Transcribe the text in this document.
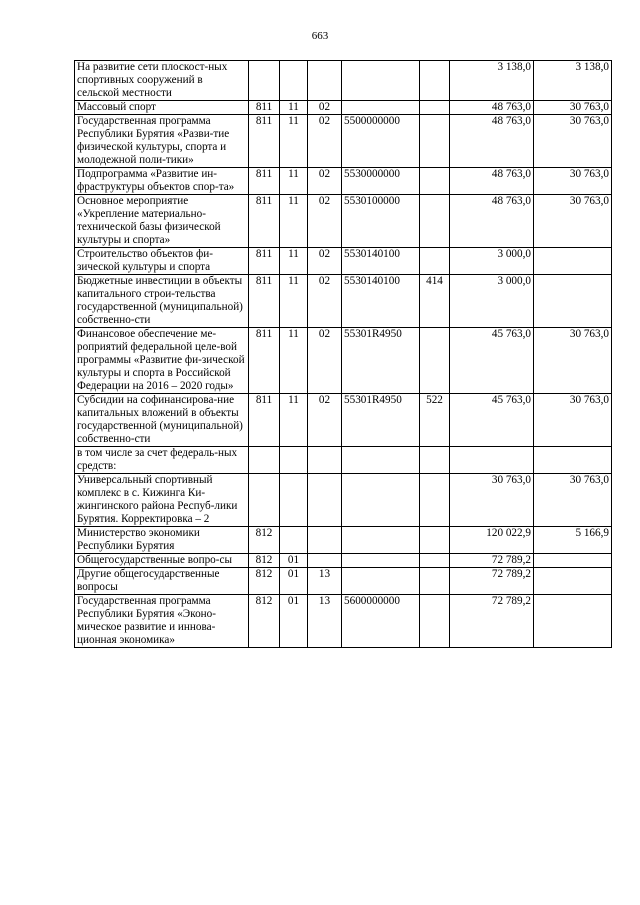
663
На развитие сети плоскост-ных спортивных сооружений в сельской местности						3 138,0	3 138,0
Массовый спорт	811	11	02			48 763,0	30 763,0
Государственная программа Республики Бурятия «Разви-тие физической культуры, спорта и молодежной поли-тики»	811	11	02	5500000000		48 763,0	30 763,0
Подпрограмма «Развитие ин-фраструктуры объектов спор-та»	811	11	02	5530000000		48 763,0	30 763,0
Основное мероприятие «Укрепление материально-технической базы физической культуры и спорта»	811	11	02	5530100000		48 763,0	30 763,0
Строительство объектов фи-зической культуры и спорта	811	11	02	5530140100		3 000,0	
Бюджетные инвестиции в объекты капитального строи-тельства государственной (муниципальной) собственно-сти	811	11	02	5530140100	414	3 000,0	
Финансовое обеспечение ме-роприятий федеральной целе-вой программы «Развитие фи-зической культуры и спорта в Российской Федерации на 2016 – 2020 годы»	811	11	02	55301R4950		45 763,0	30 763,0
Субсидии на софинансирова-ние капитальных вложений в объекты государственной (муниципальной) собственно-сти	811	11	02	55301R4950	522	45 763,0	30 763,0
в том числе за счет федераль-ных средств:							
Универсальный спортивный комплекс в с. Кижинга Ки-жингинского района Респуб-лики Бурятия. Корректировка – 2						30 763,0	30 763,0
Министерство экономики Республики Бурятия	812					120 022,9	5 166,9
Общегосударственные вопро-сы	812	01				72 789,2	
Другие общегосударственные вопросы	812	01	13			72 789,2	
Государственная программа Республики Бурятия «Эконо-мическое развитие и иннова-ционная экономика»	812	01	13	5600000000		72 789,2	
